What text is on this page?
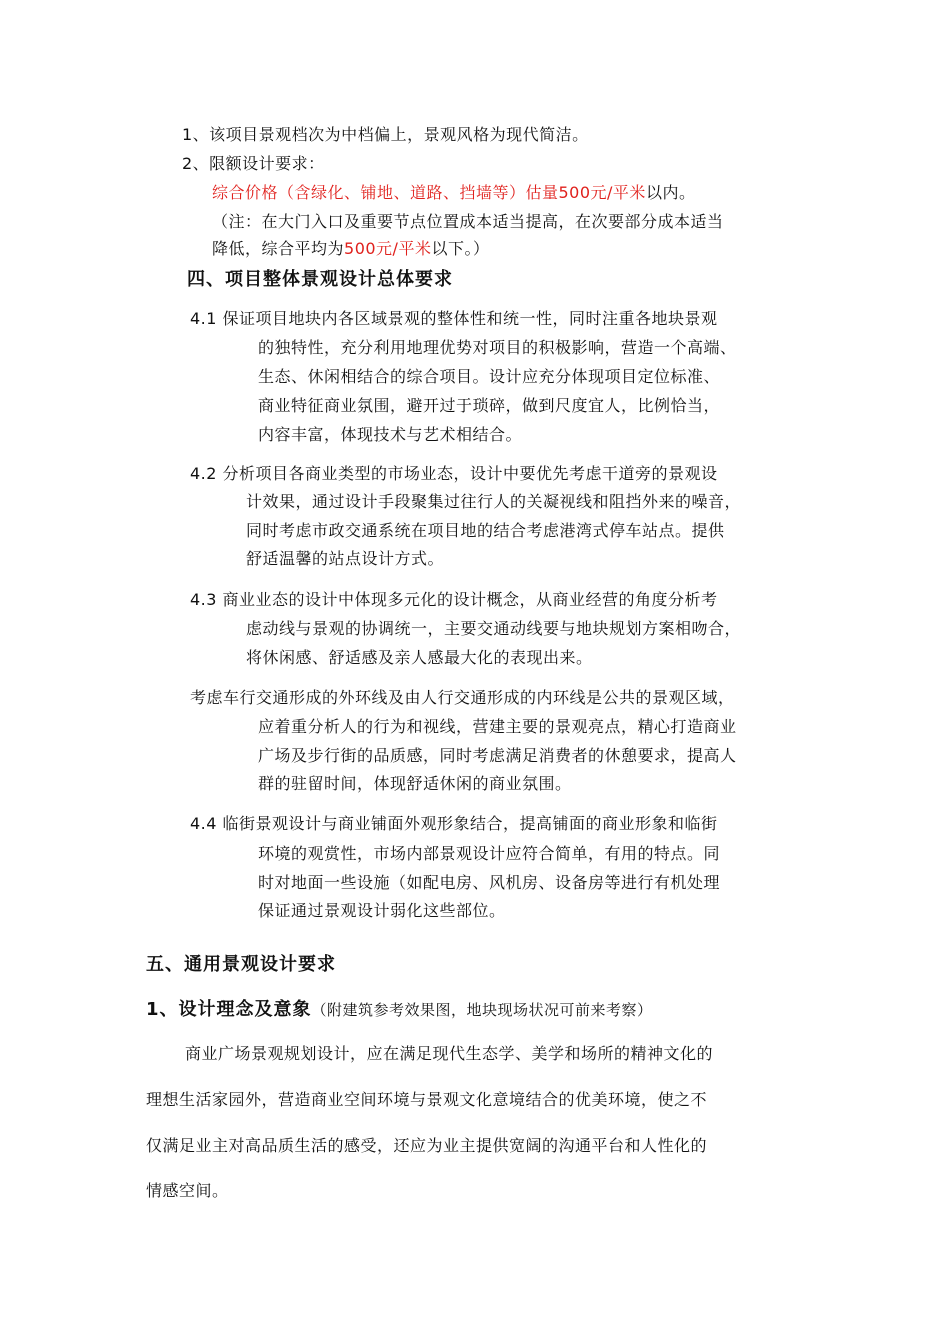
1、该项目景观档次为中档偏上，景观风格为现代简洁。
2、限额设计要求：
综合价格（含绿化、铺地、道路、挡墙等）估量500元/平米以内。
（注：在大门入口及重要节点位置成本适当提高，在次要部分成本适当
降低，综合平均为500元/平米以下。）
四、项目整体景观设计总体要求
4.1 保证项目地块内各区域景观的整体性和统一性，同时注重各地块景观
的独特性，充分利用地理优势对项目的积极影响，营造一个高端、
生态、休闲相结合的综合项目。设计应充分体现项目定位标准、
商业特征商业氛围，避开过于琐碎，做到尺度宜人，比例恰当，
内容丰富，体现技术与艺术相结合。
4.2 分析项目各商业类型的市场业态，设计中要优先考虑干道旁的景观设
计效果，通过设计手段聚集过往行人的关凝视线和阻挡外来的噪音，
同时考虑市政交通系统在项目地的结合考虑港湾式停车站点。提供
舒适温馨的站点设计方式。
4.3 商业业态的设计中体现多元化的设计概念，从商业经营的角度分析考
虑动线与景观的协调统一，主要交通动线要与地块规划方案相吻合，
将休闲感、舒适感及亲人感最大化的表现出来。
考虑车行交通形成的外环线及由人行交通形成的内环线是公共的景观区域，
应着重分析人的行为和视线，营建主要的景观亮点，精心打造商业
广场及步行街的品质感，同时考虑满足消费者的休憩要求，提高人
群的驻留时间，体现舒适休闲的商业氛围。
4.4 临街景观设计与商业铺面外观形象结合，提高铺面的商业形象和临街
环境的观赏性，市场内部景观设计应符合简单，有用的特点。同
时对地面一些设施（如配电房、风机房、设备房等进行有机处理
保证通过景观设计弱化这些部位。
五、通用景观设计要求
1、设计理念及意象（附建筑参考效果图，地块现场状况可前来考察）
商业广场景观规划设计，应在满足现代生态学、美学和场所的精神文化的
理想生活家园外，营造商业空间环境与景观文化意境结合的优美环境，使之不
仅满足业主对高品质生活的感受，还应为业主提供宽阔的沟通平台和人性化的
情感空间。
